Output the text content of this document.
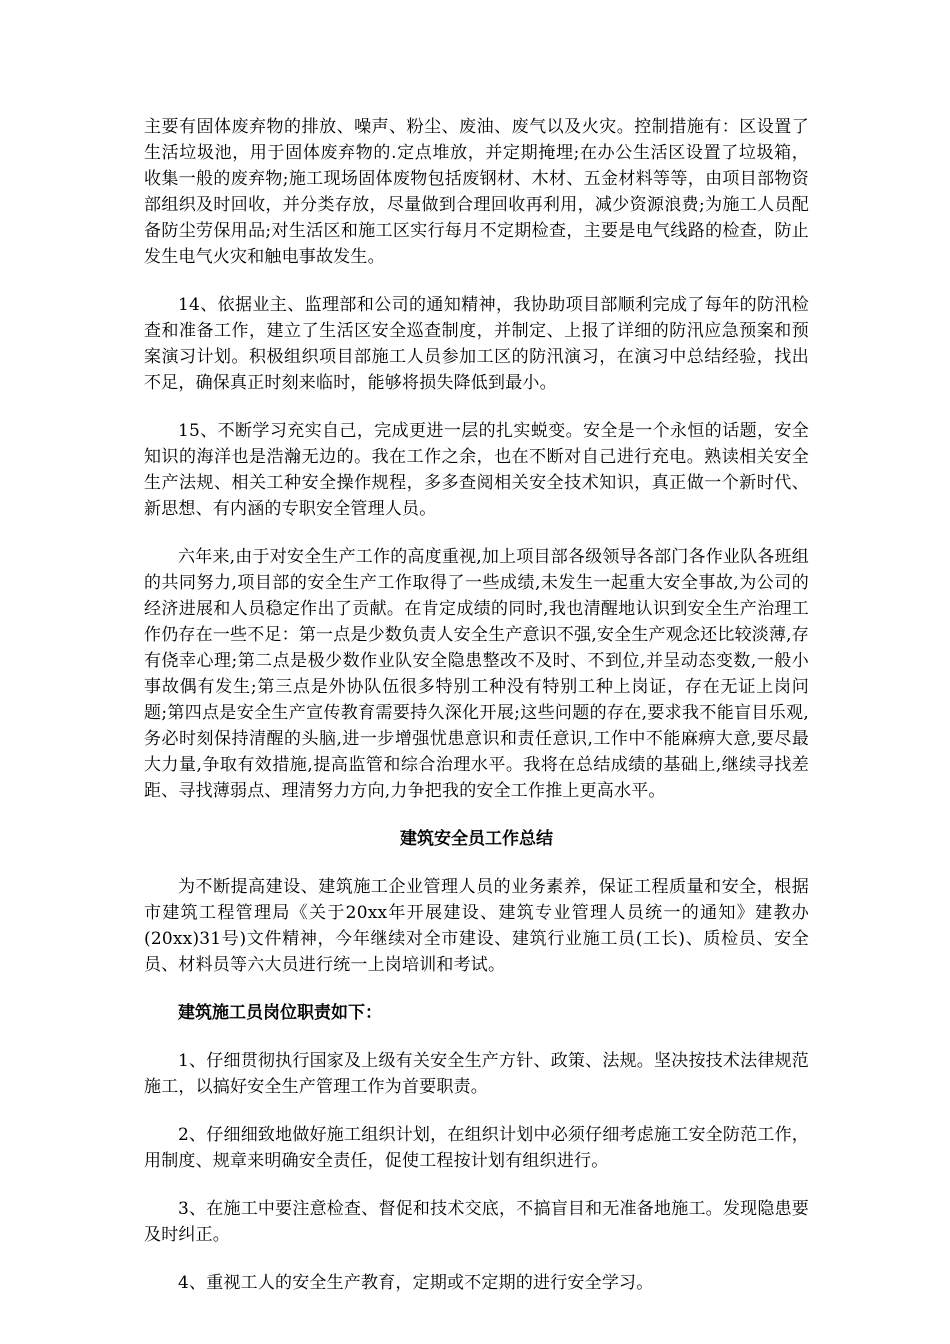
主要有固体废弃物的排放、噪声、粉尘、废油、废气以及火灾。控制措施有：区设置了生活垃圾池，用于固体废弃物的.定点堆放，并定期掩埋;在办公生活区设置了垃圾箱，收集一般的废弃物;施工现场固体废物包括废钢材、木材、五金材料等等，由项目部物资部组织及时回收，并分类存放，尽量做到合理回收再利用，减少资源浪费;为施工人员配备防尘劳保用品;对生活区和施工区实行每月不定期检查，主要是电气线路的检查，防止发生电气火灾和触电事故发生。

14、依据业主、监理部和公司的通知精神，我协助项目部顺利完成了每年的防汛检查和准备工作，建立了生活区安全巡查制度，并制定、上报了详细的防汛应急预案和预案演习计划。积极组织项目部施工人员参加工区的防汛演习，在演习中总结经验，找出不足，确保真正时刻来临时，能够将损失降低到最小。

15、不断学习充实自己，完成更进一层的扎实蜕变。安全是一个永恒的话题，安全知识的海洋也是浩瀚无边的。我在工作之余，也在不断对自己进行充电。熟读相关安全生产法规、相关工种安全操作规程，多多查阅相关安全技术知识，真正做一个新时代、新思想、有内涵的专职安全管理人员。

六年来,由于对安全生产工作的高度重视,加上项目部各级领导各部门各作业队各班组的共同努力,项目部的安全生产工作取得了一些成绩,未发生一起重大安全事故,为公司的经济进展和人员稳定作出了贡献。在肯定成绩的同时,我也清醒地认识到安全生产治理工作仍存在一些不足：第一点是少数负责人安全生产意识不强,安全生产观念还比较淡薄,存有侥幸心理;第二点是极少数作业队安全隐患整改不及时、不到位,并呈动态变数,一般小事故偶有发生;第三点是外协队伍很多特别工种没有特别工种上岗证，存在无证上岗问题;第四点是安全生产宣传教育需要持久深化开展;这些问题的存在,要求我不能盲目乐观,务必时刻保持清醒的头脑,进一步增强忧患意识和责任意识,工作中不能麻痹大意,要尽最大力量,争取有效措施,提高监管和综合治理水平。我将在总结成绩的基础上,继续寻找差距、寻找薄弱点、理清努力方向,力争把我的安全工作推上更高水平。

建筑安全员工作总结

为不断提高建设、建筑施工企业管理人员的业务素养，保证工程质量和安全，根据市建筑工程管理局《关于20xx年开展建设、建筑专业管理人员统一的通知》建教办(20xx)31号)文件精神，今年继续对全市建设、建筑行业施工员(工长)、质检员、安全员、材料员等六大员进行统一上岗培训和考试。

建筑施工员岗位职责如下：

1、仔细贯彻执行国家及上级有关安全生产方针、政策、法规。坚决按技术法律规范施工，以搞好安全生产管理工作为首要职责。

2、仔细细致地做好施工组织计划，在组织计划中必须仔细考虑施工安全防范工作，用制度、规章来明确安全责任，促使工程按计划有组织进行。

3、在施工中要注意检查、督促和技术交底，不搞盲目和无准备地施工。发现隐患要及时纠正。

4、重视工人的安全生产教育，定期或不定期的进行安全学习。
